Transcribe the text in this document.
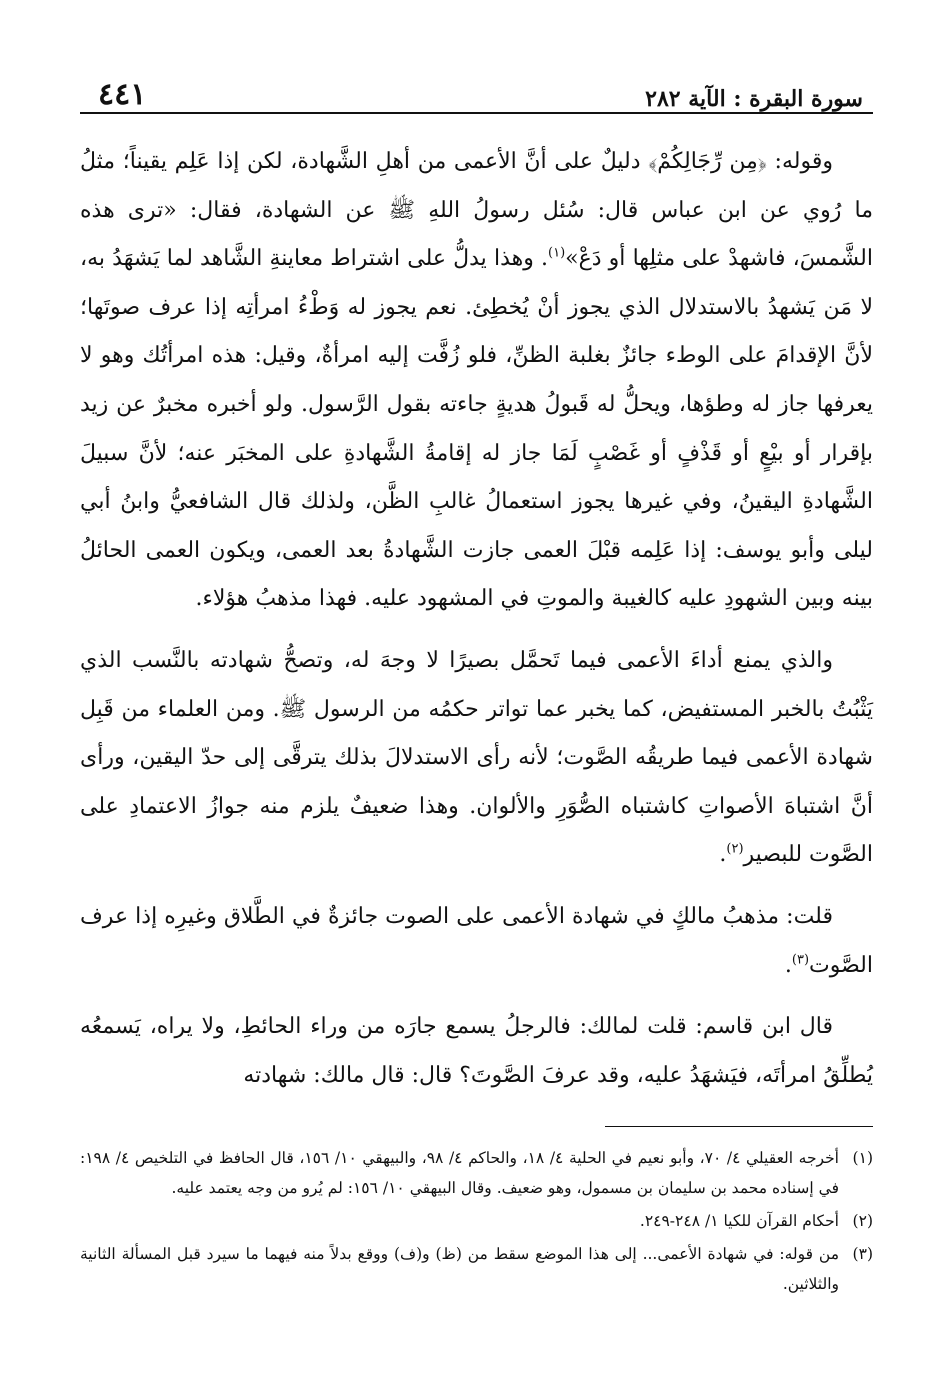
سورة البقرة : الآية ٢٨٢
٤٤١

وقوله: ﴿مِن رِّجَالِكُمْ﴾ دليلٌ على أنَّ الأعمى من أهلِ الشَّهادة، لكن إذا عَلِم يقيناً؛ مثلُ ما رُوي عن ابن عباس قال: سُئل رسولُ اللهِ ﷺ عن الشهادة، فقال: «ترى هذه الشَّمسَ، فاشهدْ على مثلِها أو دَعْ»$^{(١)}$. وهذا يدلُّ على اشتراط معاينةِ الشَّاهد لما يَشهَدُ به، لا مَن يَشهدُ بالاستدلال الذي يجوز أنْ يُخطِئ. نعم يجوز له وَطْءُ امرأتِه إذا عرف صوتَها؛ لأنَّ الإقدامَ على الوطء جائزٌ بغلبة الظنِّ، فلو زُفَّت إليه امرأةٌ، وقيل: هذه امرأتُك وهو لا يعرفها جاز له وطؤها، ويحلُّ له قَبولُ هديةٍ جاءته بقول الرَّسول. ولو أخبره مخبرٌ عن زيد بإقرار أو بيْعٍ أو قَذْفٍ أو غَصْبٍ لَمَا جاز له إقامةُ الشَّهادةِ على المخبَر عنه؛ لأنَّ سبيلَ الشَّهادةِ اليقينُ، وفي غيرها يجوز استعمالُ غالبِ الظَّن، ولذلك قال الشافعيُّ وابنُ أبي ليلى وأبو يوسف: إذا عَلِمه قبْلَ العمى جازت الشَّهادةُ بعد العمى، ويكون العمى الحائلُ بينه وبين الشهودِ عليه كالغيبة والموتِ في المشهود عليه. فهذا مذهبُ هؤلاء.

والذي يمنع أداءَ الأعمى فيما تَحمَّل بصيرًا لا وجهَ له، وتصحُّ شهادته بالنَّسب الذي يَثْبُتُ بالخبر المستفيض، كما يخبر عما تواتر حكمُه من الرسول ﷺ. ومن العلماء من قَبِل شهادة الأعمى فيما طريقُه الصَّوت؛ لأنه رأى الاستدلالَ بذلك يترقَّى إلى حدّ اليقين، ورأى أنَّ اشتباهَ الأصواتِ كاشتباه الصُّوَرِ والألوان. وهذا ضعيفٌ يلزم منه جوازُ الاعتمادِ على الصَّوت للبصير$^{(٢)}$.

قلت: مذهبُ مالكٍ في شهادة الأعمى على الصوت جائزةٌ في الطَّلاق وغيرِه إذا عرف الصَّوت$^{(٣)}$.

قال ابن قاسم: قلت لمالك: فالرجلُ يسمع جارَه من وراء الحائطِ، ولا يراه، يَسمعُه يُطلِّقُ امرأتَه، فيَشهَدُ عليه، وقد عرفَ الصَّوتَ؟ قال: قال مالك: شهادته

(١)
أخرجه العقيلي ٤/ ٧٠، وأبو نعيم في الحلية ٤/ ١٨، والحاكم ٤/ ٩٨، والبيهقي ١٠/ ١٥٦، قال الحافظ في التلخيص ٤/ ١٩٨: في إسناده محمد بن سليمان بن مسمول، وهو ضعيف. وقال البيهقي ١٠/ ١٥٦: لم يُرو من وجه يعتمد عليه.
(٢)
أحكام القرآن للكيا ١/ ٢٤٨-٢٤٩.
(٣)
من قوله: في شهادة الأعمى... إلى هذا الموضع سقط من (ظ) و(ف) ووقع بدلاً منه فيهما ما سيرد قبل المسألة الثانية والثلاثين.
